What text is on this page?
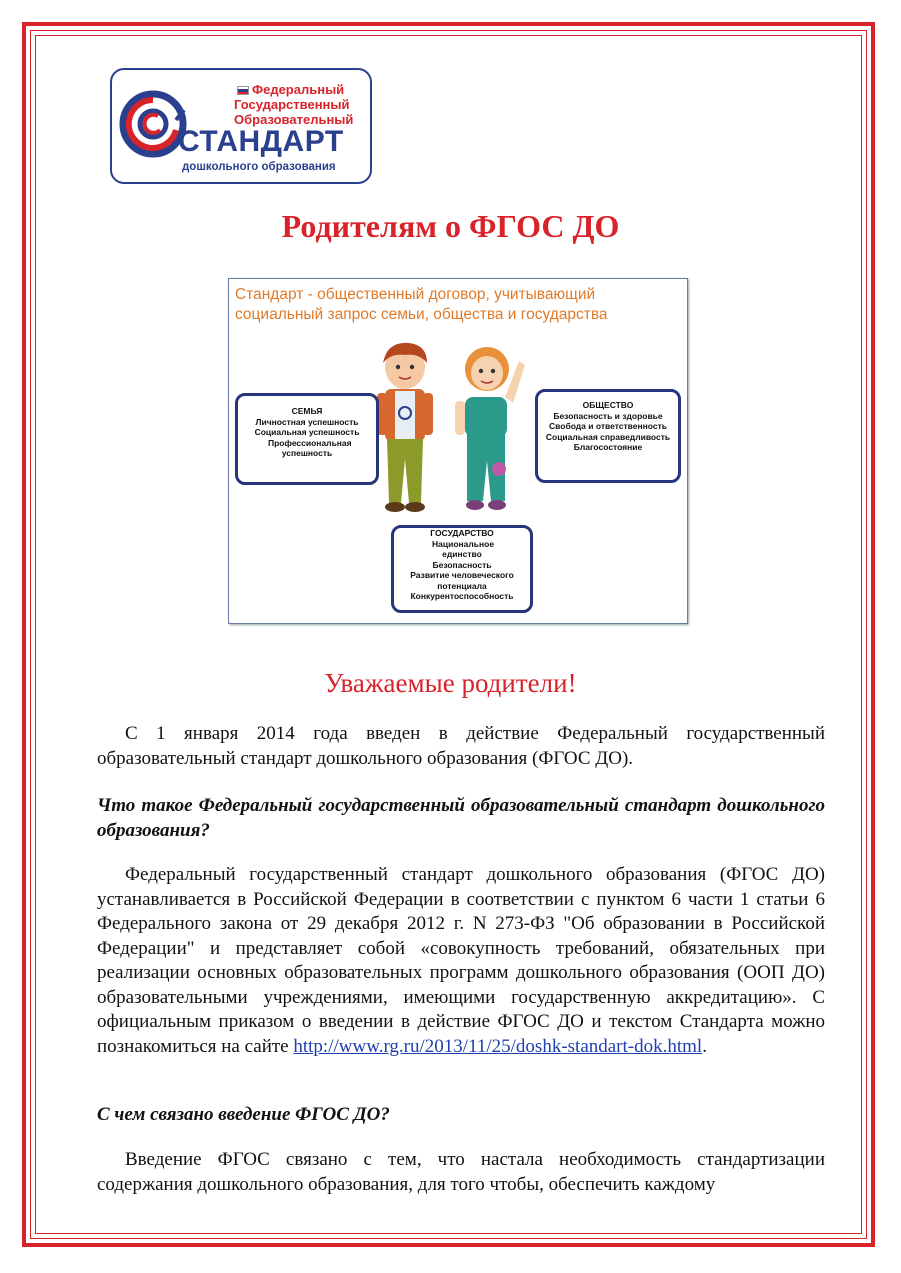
Федеральный
Государственный
Образовательный
СТАНДАРТ
дошкольного образования
Родителям о ФГОС ДО
Стандарт - общественный договор, учитывающий социальный запрос семьи, общества и государства
СЕМЬЯ
Личностная успешность
Социальная успешность
Профессиональная успешность
ОБЩЕСТВО
Безопасность и здоровье
Свобода и ответственность
Социальная справедливость
Благосостояние
ГОСУДАРСТВО
Национальное единство
Безопасность
Развитие человеческого потенциала
Конкурентоспособность
Уважаемые родители!

С 1 января 2014 года введен в действие Федеральный государственный образовательный стандарт дошкольного образования (ФГОС ДО).

Что такое Федеральный государственный образовательный стандарт дошкольного образования?

Федеральный государственный стандарт дошкольного образования (ФГОС ДО) устанавливается в Российской Федерации в соответствии с пунктом 6 части 1 статьи 6 Федерального закона от 29 декабря 2012 г. N 273-ФЗ "Об образовании в Российской Федерации" и представляет собой «совокупность требований, обязательных при реализации основных образовательных программ дошкольного образования (ООП ДО) образовательными учреждениями, имеющими государственную аккредитацию». С официальным приказом о введении в действие ФГОС ДО и текстом Стандарта можно познакомиться на сайте http://www.rg.ru/2013/11/25/doshk-standart-dok.html.

С чем связано введение ФГОС ДО?

Введение ФГОС связано с тем, что настала необходимость стандартизации содержания дошкольного образования, для того чтобы, обеспечить каждому
